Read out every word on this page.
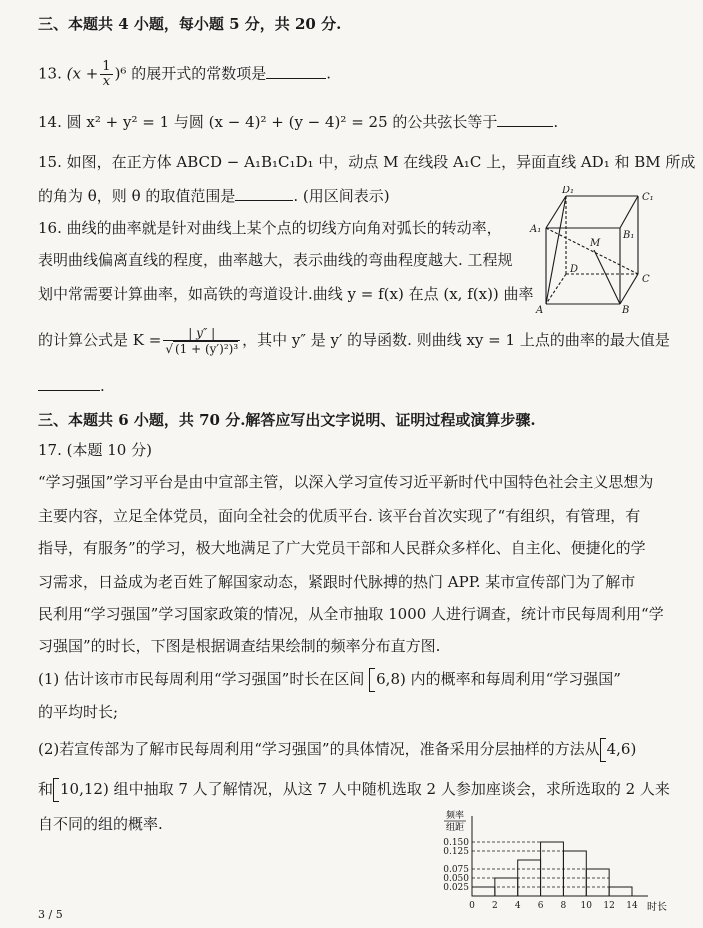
三、本题共 4 小题，每小题 5 分，共 20 分.
13. $(x + \frac{1}{x} )^6$ 的展开式的常数项是	.
14. 圆 x² + y² = 1 与圆 (x − 4)² + (y − 4)² = 25 的公共弦长等于	.
15. 如图，在正方体 ABCD − A₁B₁C₁D₁ 中，动点 M 在线段 A₁C 上，异面直线 AD₁ 和 BM 所成
的角为 θ，则 θ 的取值范围是	. (用区间表示)
16. 曲线的曲率就是针对曲线上某个点的切线方向角对弧长的转动率，
表明曲线偏离直线的程度，曲率越大，表示曲线的弯曲程度越大. 工程规
划中常需要计算曲率，如高铁的弯道设计.曲线 y = f(x) 在点 (x, f(x)) 曲率
的计算公式是 $K = \frac{| y'' |}{\text{√ (1 + (y′)²)³}}$ ，其中 y″ 是 y′ 的导函数. 则曲线 xy = 1 上点的曲率的最大值是
.
D₁
C₁
A₁
B₁
M
D
A	B
C
三、本题共 6 小题，共 70 分.解答应写出文字说明、证明过程或演算步骤.
17. (本题 10 分)
“学习强国”学习平台是由中宣部主管，以深入学习宣传习近平新时代中国特色社会主义思想为
主要内容，立足全体党员，面向全社会的优质平台. 该平台首次实现了“有组织，有管理，有
指导，有服务”的学习，极大地满足了广大党员干部和人民群众多样化、自主化、便捷化的学
习需求，日益成为老百姓了解国家动态，紧跟时代脉搏的热门 APP. 某市宣传部门为了解市
民利用“学习强国”学习国家政策的情况，从全市抽取 1000 人进行调查，统计市民每周利用“学
习强国”的时长，下图是根据调查结果绘制的频率分布直方图.
(1) 估计该市市民每周利用“学习强国”时长在区间 6,8) 内的概率和每周利用“学习强国”
的平均时长;
(2)若宣传部为了解市民每周利用“学习强国”的具体情况，准备采用分层抽样的方法从 4,6)
和 10,12) 组中抽取 7 人了解情况，从这 7 人中随机选取 2 人参加座谈会，求所选取的 2 人来
自不同的组的概率.
0.150
0.125
0.075
0.050
0.025
0 2 4 6 8 10 12 14
频率
组距
时长
3 / 5
